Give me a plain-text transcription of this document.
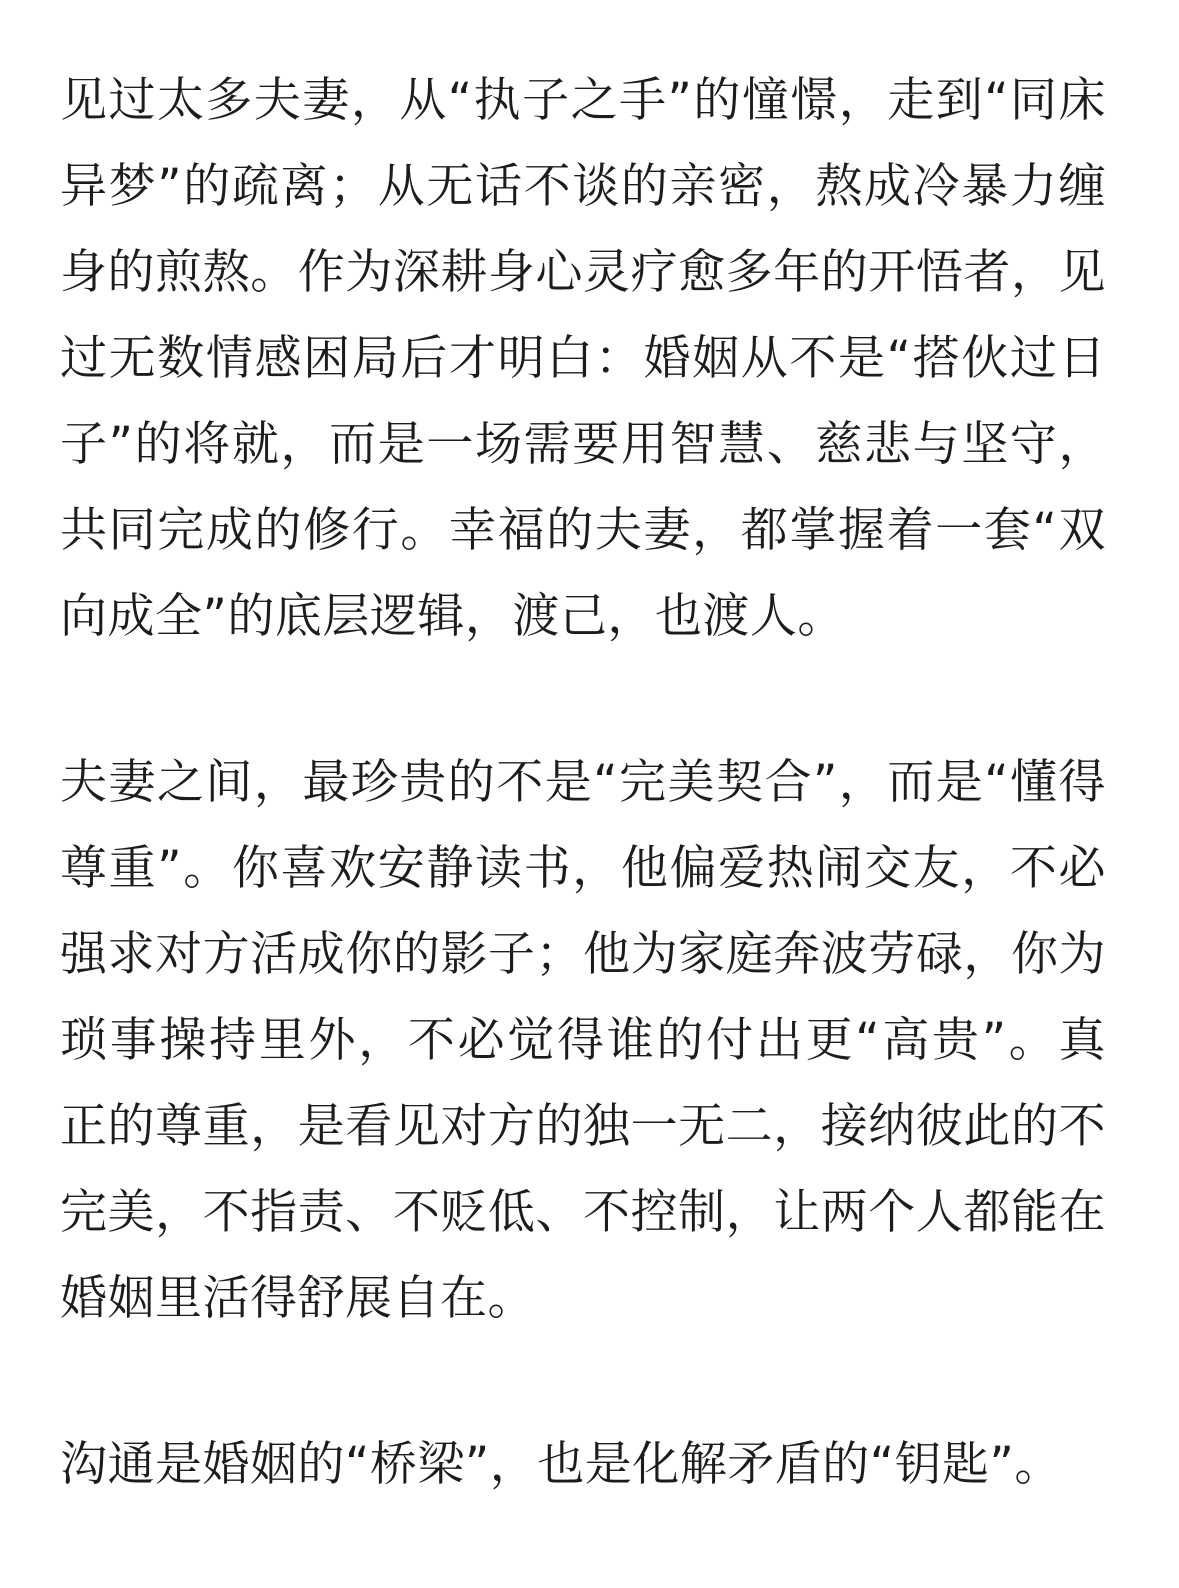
见过太多夫妻，从“执子之手”的憧憬，走到“同床异梦”的疏离；从无话不谈的亲密，熬成冷暴力缠身的煎熬。作为深耕身心灵疗愈多年的开悟者，见过无数情感困局后才明白：婚姻从不是“搭伙过日子”的将就，而是一场需要用智慧、慈悲与坚守，共同完成的修行。幸福的夫妻，都掌握着一套“双向成全”的底层逻辑，渡己，也渡人。

夫妻之间，最珍贵的不是“完美契合”，而是“懂得尊重”。你喜欢安静读书，他偏爱热闹交友，不必强求对方活成你的影子；他为家庭奔波劳碌，你为琐事操持里外，不必觉得谁的付出更“高贵”。真正的尊重，是看见对方的独一无二，接纳彼此的不完美，不指责、不贬低、不控制，让两个人都能在婚姻里活得舒展自在。

沟通是婚姻的“桥梁”，也是化解矛盾的“钥匙”。
